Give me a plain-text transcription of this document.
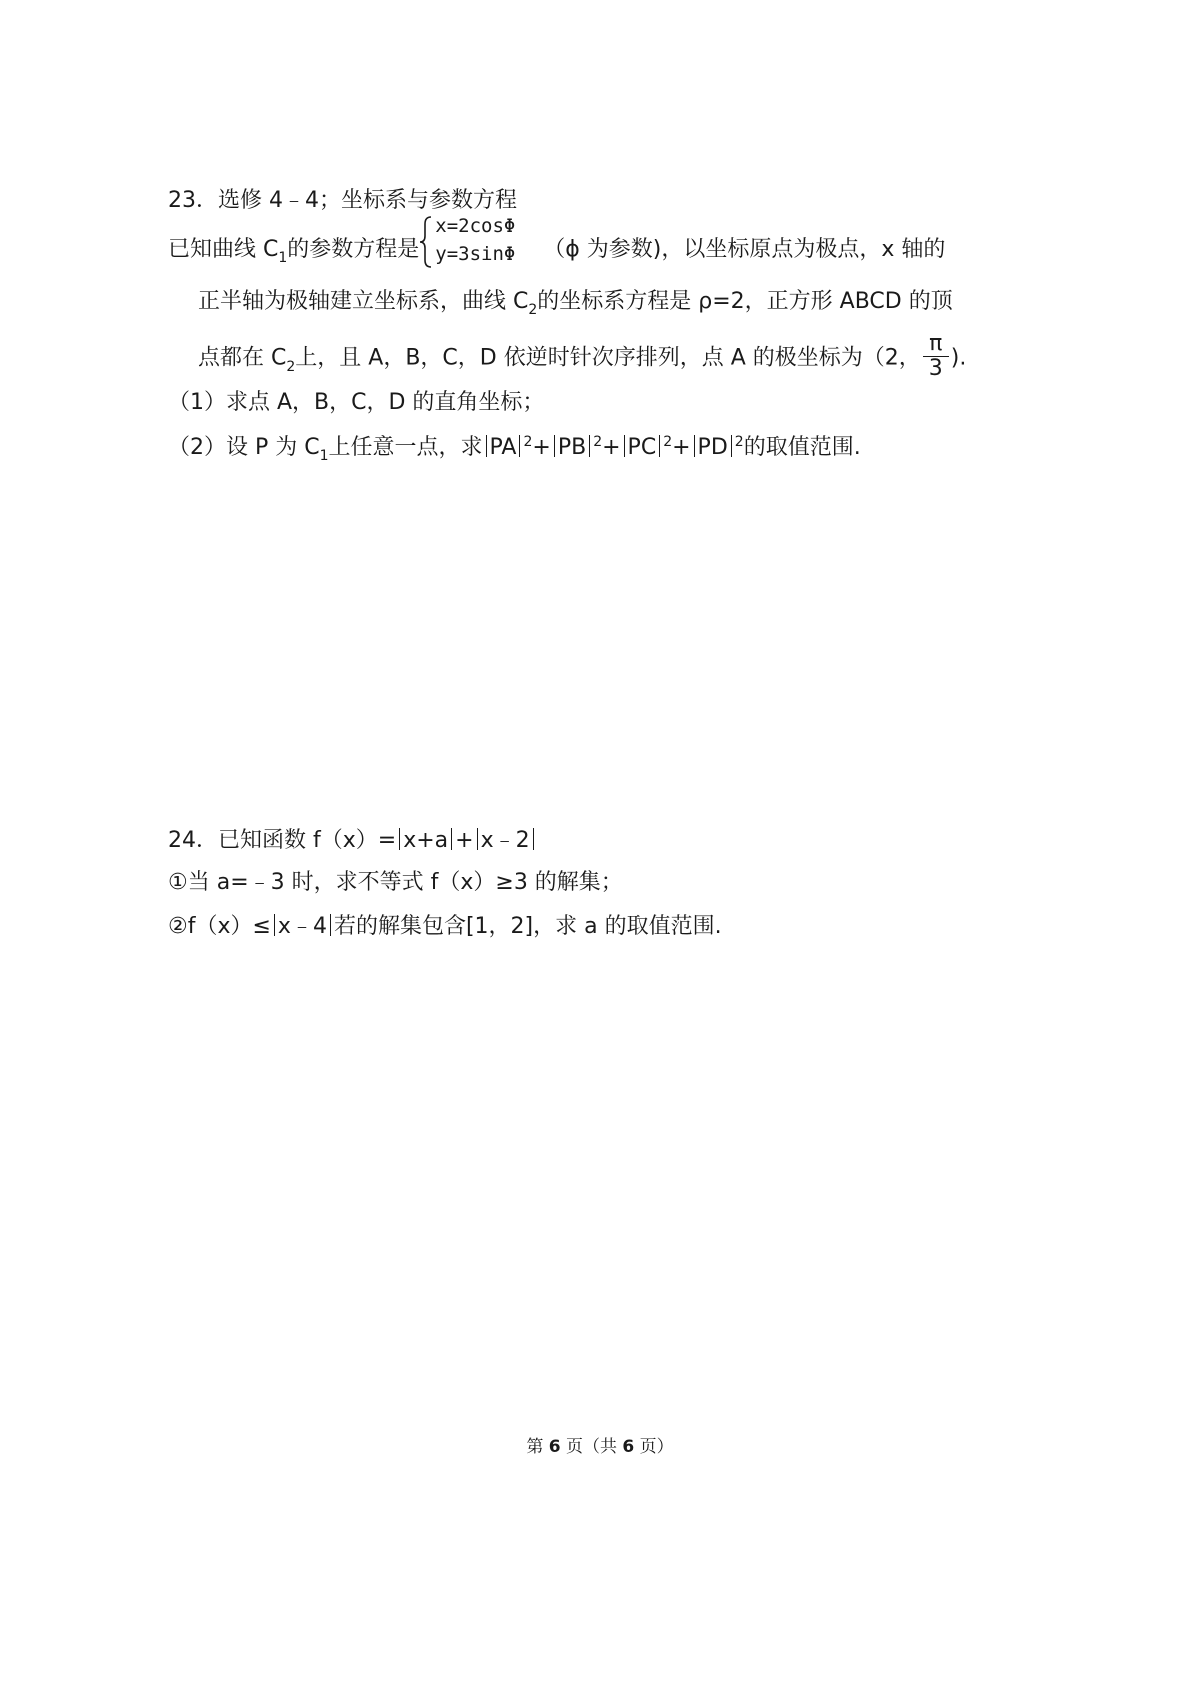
23．选修 4﹣4；坐标系与参数方程
已知曲线 $C_1$的参数方程是
x=2cosΦ
y=3sinΦ （ϕ 为参数)，以坐标原点为极点，x 轴的
正半轴为极轴建立坐标系，曲线 $C_2$的坐标系方程是 ρ=2，正方形 ABCD 的顶
点都在 $C_2$上，且 A，B，C，D 依逆时针次序排列，点 A 的极坐标为（2， $\frac{\pi}{3}$ ).
（1）求点 A，B，C，D 的直角坐标；
（2）设 P 为 $C_1$上任意一点，求 PA $^2$+ PB $^2$+ PC $^2$+ PD $^2$的取值范围.
24．已知函数 f（x）= x+a + x﹣2
①当 a=﹣3 时，求不等式 f（x）≥3 的解集；
②f（x）≤ x﹣4 若的解集包含[1，2]，求 a 的取值范围.
第 6 页（共 6 页）
